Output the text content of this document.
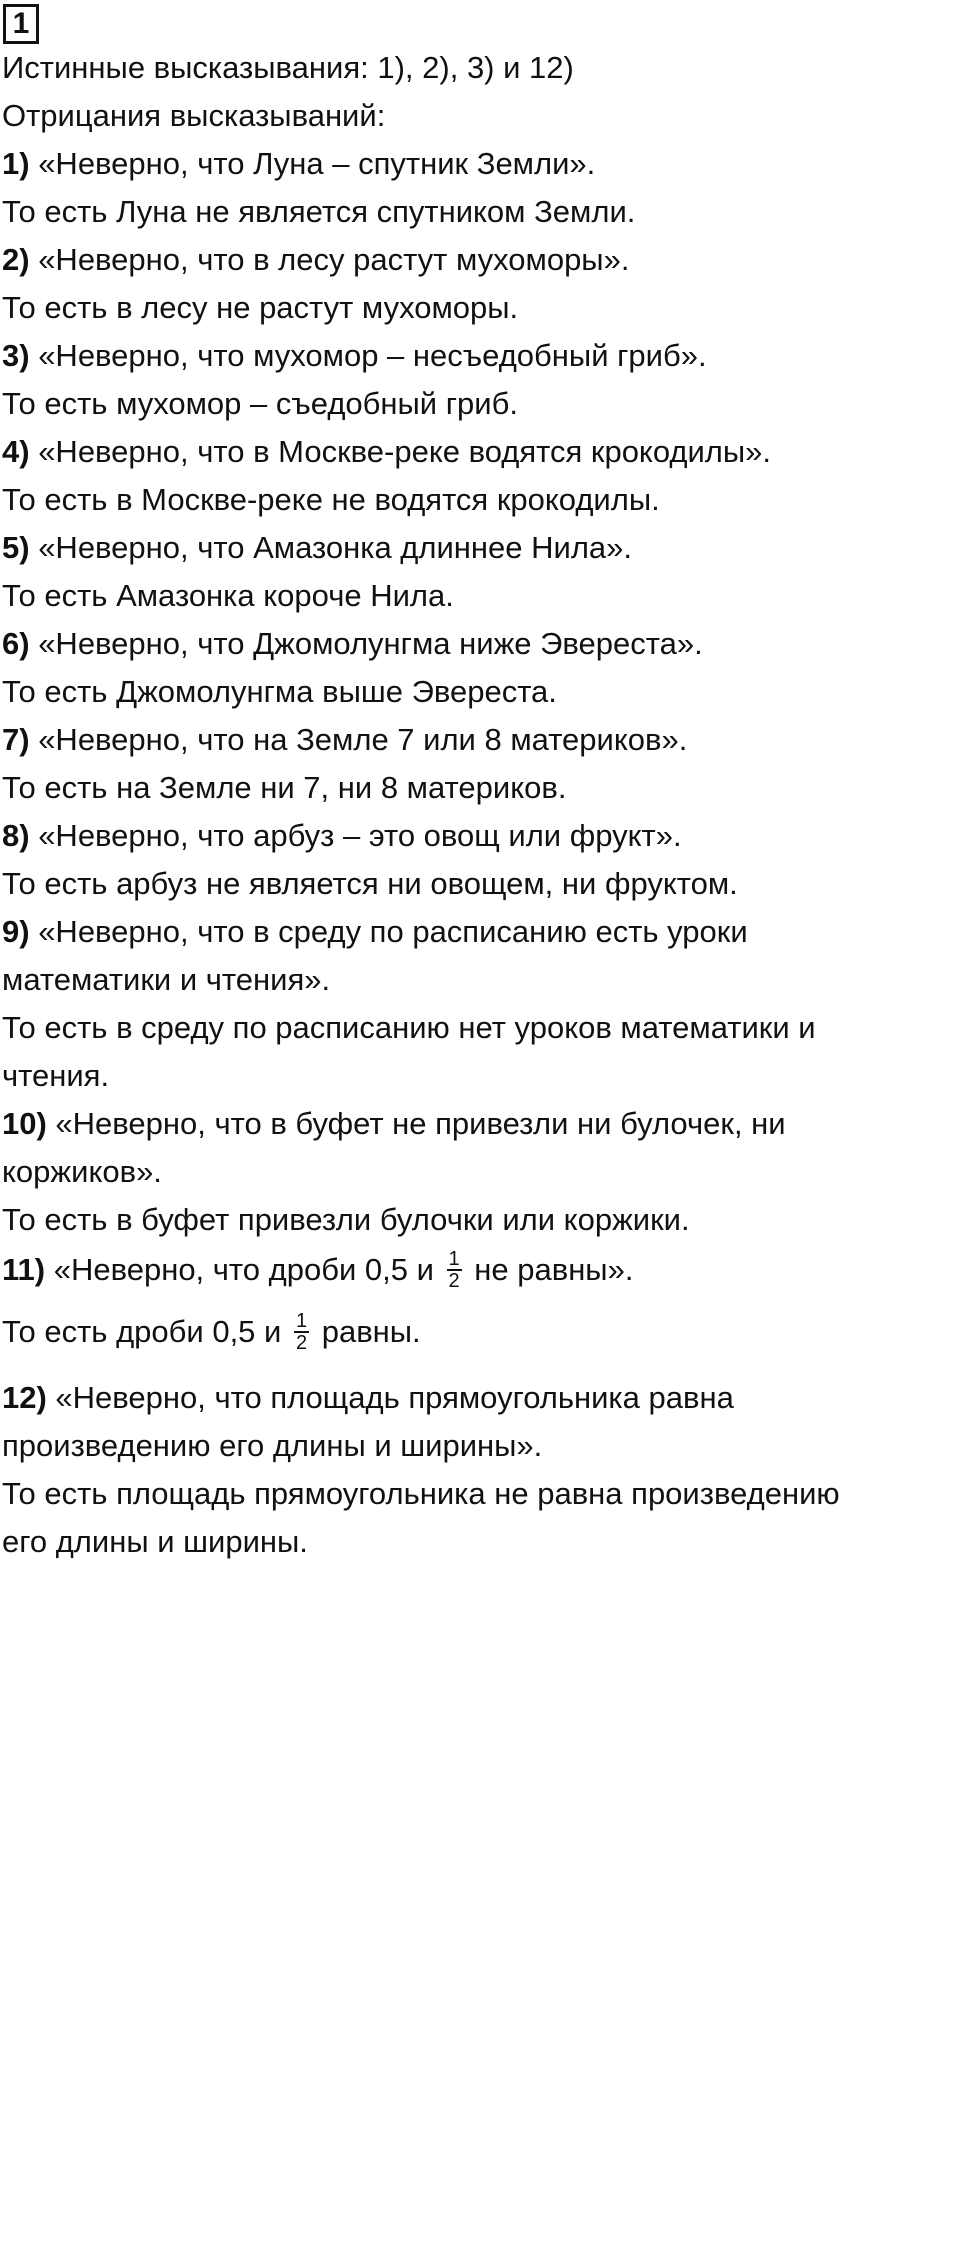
1
Истинные высказывания: 1), 2), 3) и 12)
Отрицания высказываний:
1) «Неверно, что Луна – спутник Земли».
То есть Луна не является спутником Земли.
2) «Неверно, что в лесу растут мухоморы».
То есть в лесу не растут мухоморы.
3) «Неверно, что мухомор – несъедобный гриб».
То есть мухомор – съедобный гриб.
4) «Неверно, что в Москве-реке водятся крокодилы».
То есть в Москве-реке не водятся крокодилы.
5) «Неверно, что Амазонка длиннее Нила».
То есть Амазонка короче Нила.
6) «Неверно, что Джомолунгма ниже Эвереста».
То есть Джомолунгма выше Эвереста.
7) «Неверно, что на Земле 7 или 8 материков».
То есть на Земле ни 7, ни 8 материков.
8) «Неверно, что арбуз – это овощ или фрукт».
То есть арбуз не является ни овощем, ни фруктом.
9) «Неверно, что в среду по расписанию есть уроки
математики и чтения».
То есть в среду по расписанию нет уроков математики и
чтения.
10) «Неверно, что в буфет не привезли ни булочек, ни
коржиков».
То есть в буфет привезли булочки или коржики.
11) «Неверно, что дроби 0,5 и $\frac{1}{2}$ не равны».
То есть дроби 0,5 и $\frac{1}{2}$ равны.
12) «Неверно, что площадь прямоугольника равна
произведению его длины и ширины».
То есть площадь прямоугольника не равна произведению
его длины и ширины.
